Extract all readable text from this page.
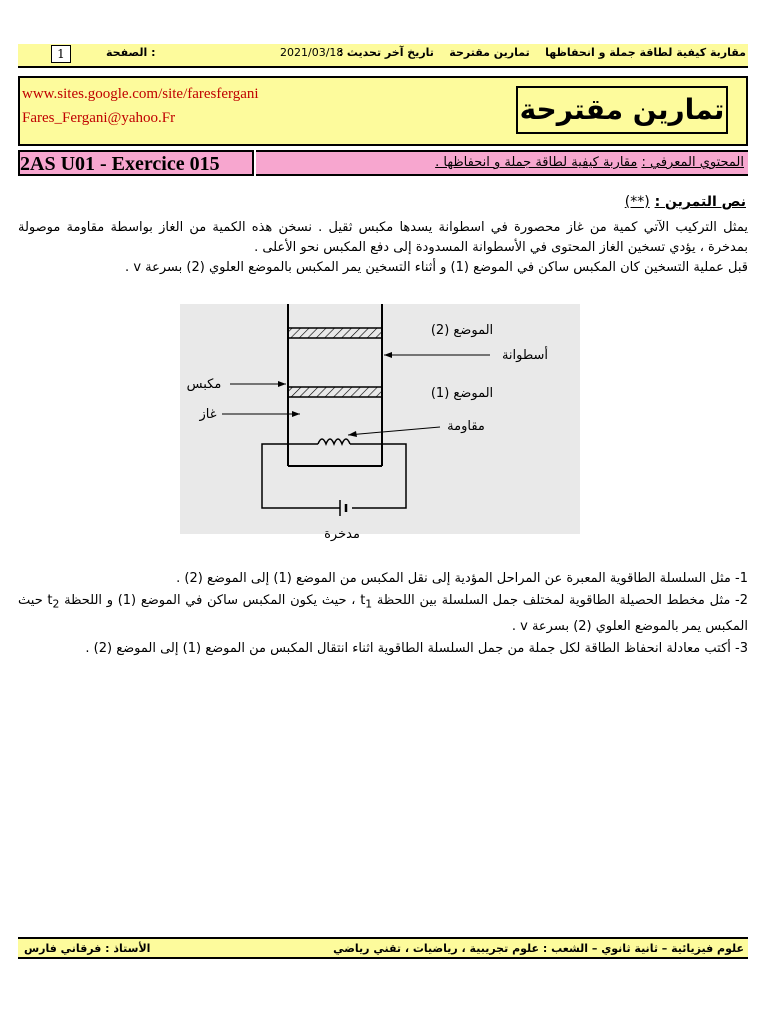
مقاربة كيفية لطاقة جملة و انحفاظها    تمارين مقترحة    تاريخ آخر تحديث :
2021/03/18
الصفحة :
1
www.sites.google.com/site/faresfergani
Fares_Fergani@yahoo.Fr	تمارين مقترحة
2AS U01 - Exercice 015	المحتوي المعرفي : مقاربة كيفية لطاقة جملة و انحفاظها .
نص التمرين : (**)

يمثل التركيب الآتي كمية من غاز محصورة في اسطوانة يسدها مكبس ثقيل . نسخن هذه الكمية من الغاز بواسطة مقاومة موصولة بمدخرة ، يؤدي تسخين الغاز المحتوى في الأسطوانة المسدودة إلى دفع المكبس نحو الأعلى .

قبل عملية التسخين كان المكبس ساكن في الموضع (1) و أثناء التسخين يمر المكبس بالموضع العلوي (2) بسرعة v .

الموضع (2)
أسطوانة
الموضع (1)
مكبس
غاز
مقاومة
مدخرة

1- مثل السلسلة الطاقوية المعبرة عن المراحل المؤدية إلى نقل المكبس من الموضع (1) إلى الموضع (2) .

2- مثل مخطط الحصيلة الطاقوية لمختلف جمل السلسلة بين اللحظة $t_1$ ، حيث يكون المكبس ساكن في الموضع (1) و اللحظة $t_2$ حيث المكبس يمر بالموضع العلوي (2) بسرعة v .

3- أكتب معادلة انحفاظ الطاقة لكل جملة من جمل السلسلة الطاقوية اثناء انتقال المكبس من الموضع (1) إلى الموضع (2) .

علوم فيزيائية – ثانية ثانوي – الشعب : علوم تجريبية ، رياضيات ، تقني رياضي
الأستاذ : فرقاني فارس
